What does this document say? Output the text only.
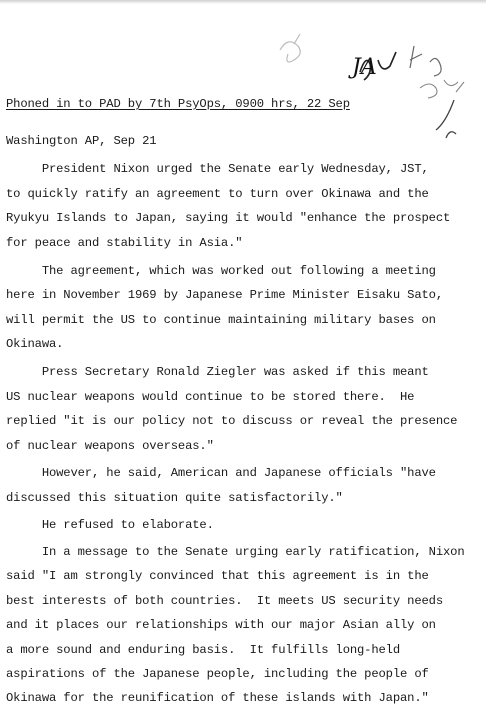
JA
Phoned in to PAD by 7th PsyOps, 0900 hrs, 22 Sep
Washington AP, Sep 21
President Nixon urged the Senate early Wednesday, JST,
to quickly ratify an agreement to turn over Okinawa and the
Ryukyu Islands to Japan, saying it would "enhance the prospect
for peace and stability in Asia."
The agreement, which was worked out following a meeting
here in November 1969 by Japanese Prime Minister Eisaku Sato,
will permit the US to continue maintaining military bases on
Okinawa.
Press Secretary Ronald Ziegler was asked if this meant
US nuclear weapons would continue to be stored there.  He
replied "it is our policy not to discuss or reveal the presence
of nuclear weapons overseas."
However, he said, American and Japanese officials "have
discussed this situation quite satisfactorily."
He refused to elaborate.
In a message to the Senate urging early ratification, Nixon
said "I am strongly convinced that this agreement is in the
best interests of both countries.  It meets US security needs
and it places our relationships with our major Asian ally on
a more sound and enduring basis.  It fulfills long-held
aspirations of the Japanese people, including the people of
Okinawa for the reunification of these islands with Japan."
